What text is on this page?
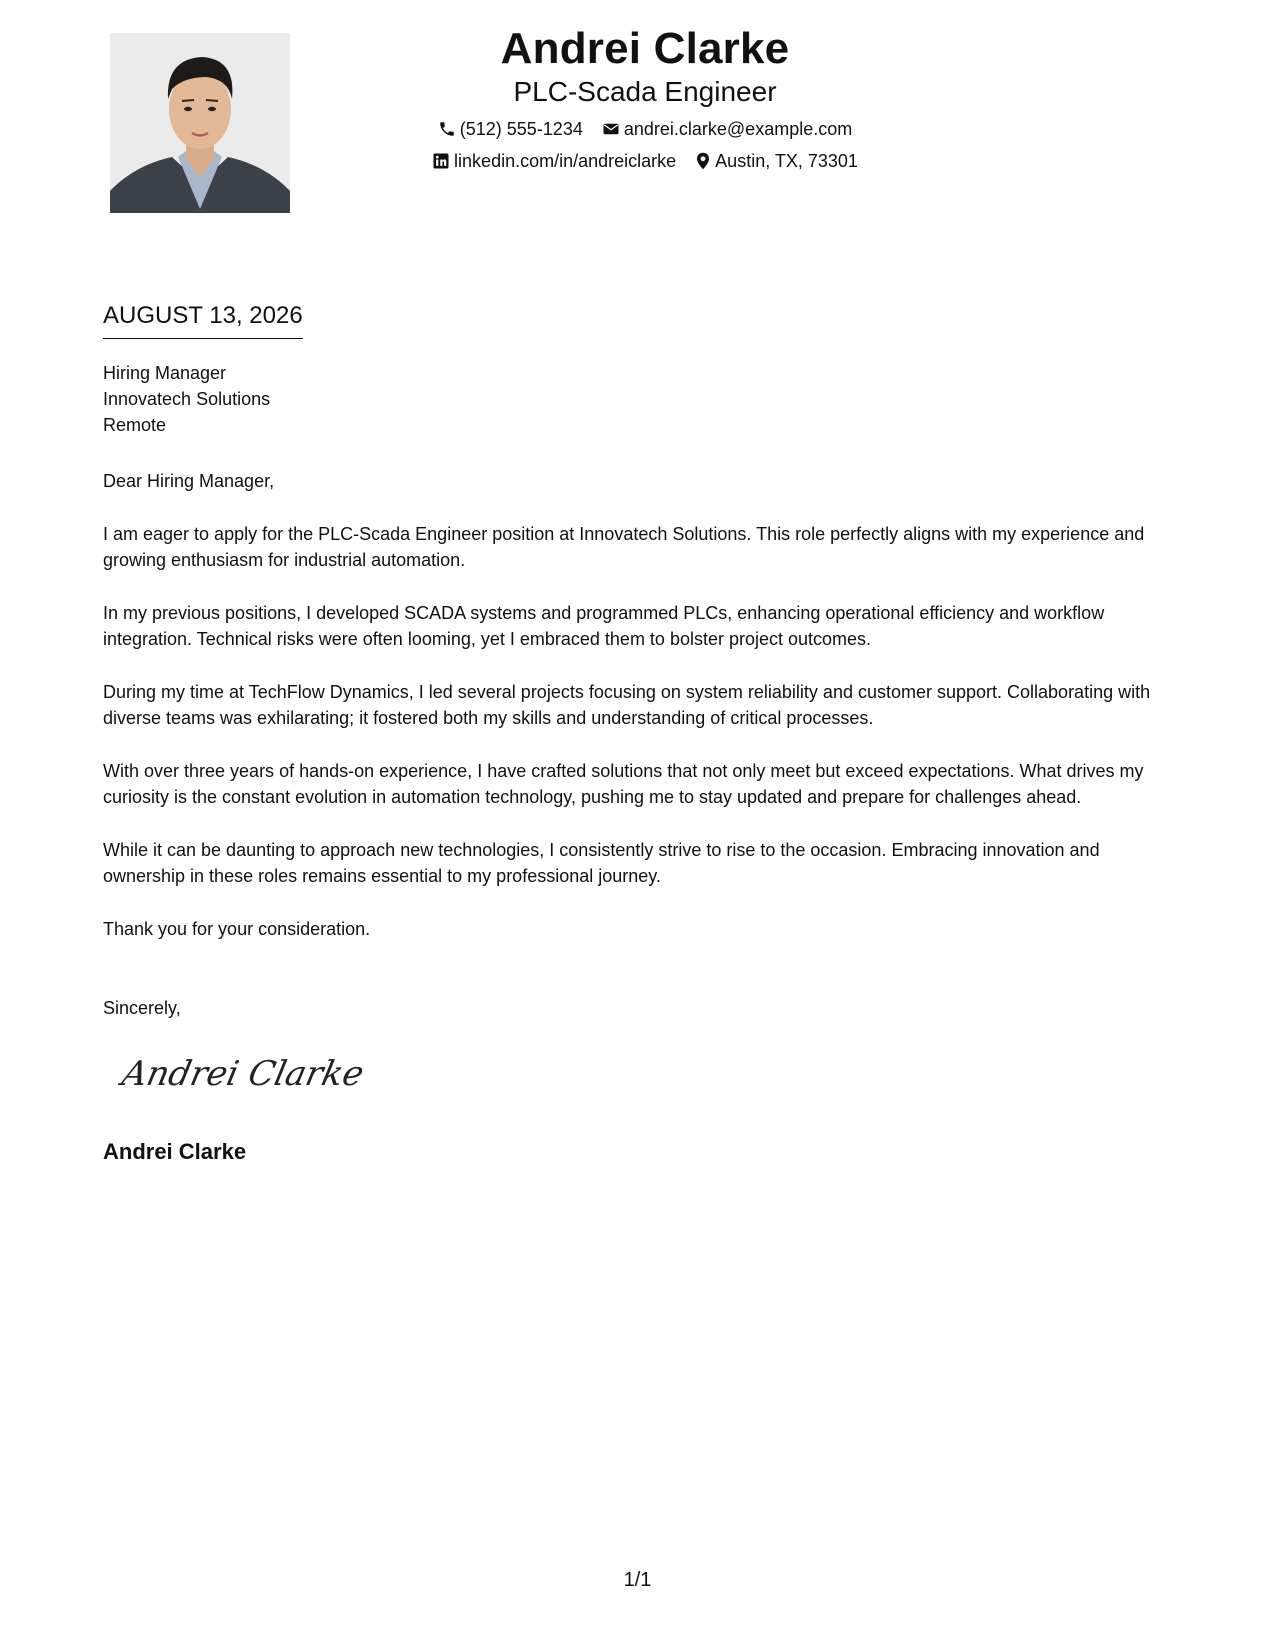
Andrei Clarke
PLC-Scada Engineer
(512) 555-1234 andrei.clarke@example.com
linkedin.com/in/andreiclarke Austin, TX, 73301
AUGUST 13, 2026
Hiring Manager
Innovatech Solutions
Remote

Dear Hiring Manager,

I am eager to apply for the PLC-Scada Engineer position at Innovatech Solutions. This role perfectly aligns with my experience and growing enthusiasm for industrial automation.

In my previous positions, I developed SCADA systems and programmed PLCs, enhancing operational efficiency and workflow integration. Technical risks were often looming, yet I embraced them to bolster project outcomes.

During my time at TechFlow Dynamics, I led several projects focusing on system reliability and customer support. Collaborating with diverse teams was exhilarating; it fostered both my skills and understanding of critical processes.

With over three years of hands-on experience, I have crafted solutions that not only meet but exceed expectations. What drives my curiosity is the constant evolution in automation technology, pushing me to stay updated and prepare for challenges ahead.

While it can be daunting to approach new technologies, I consistently strive to rise to the occasion. Embracing innovation and ownership in these roles remains essential to my professional journey.

Thank you for your consideration.

Sincerely,
Andrei Clarke
Andrei Clarke
1/1
